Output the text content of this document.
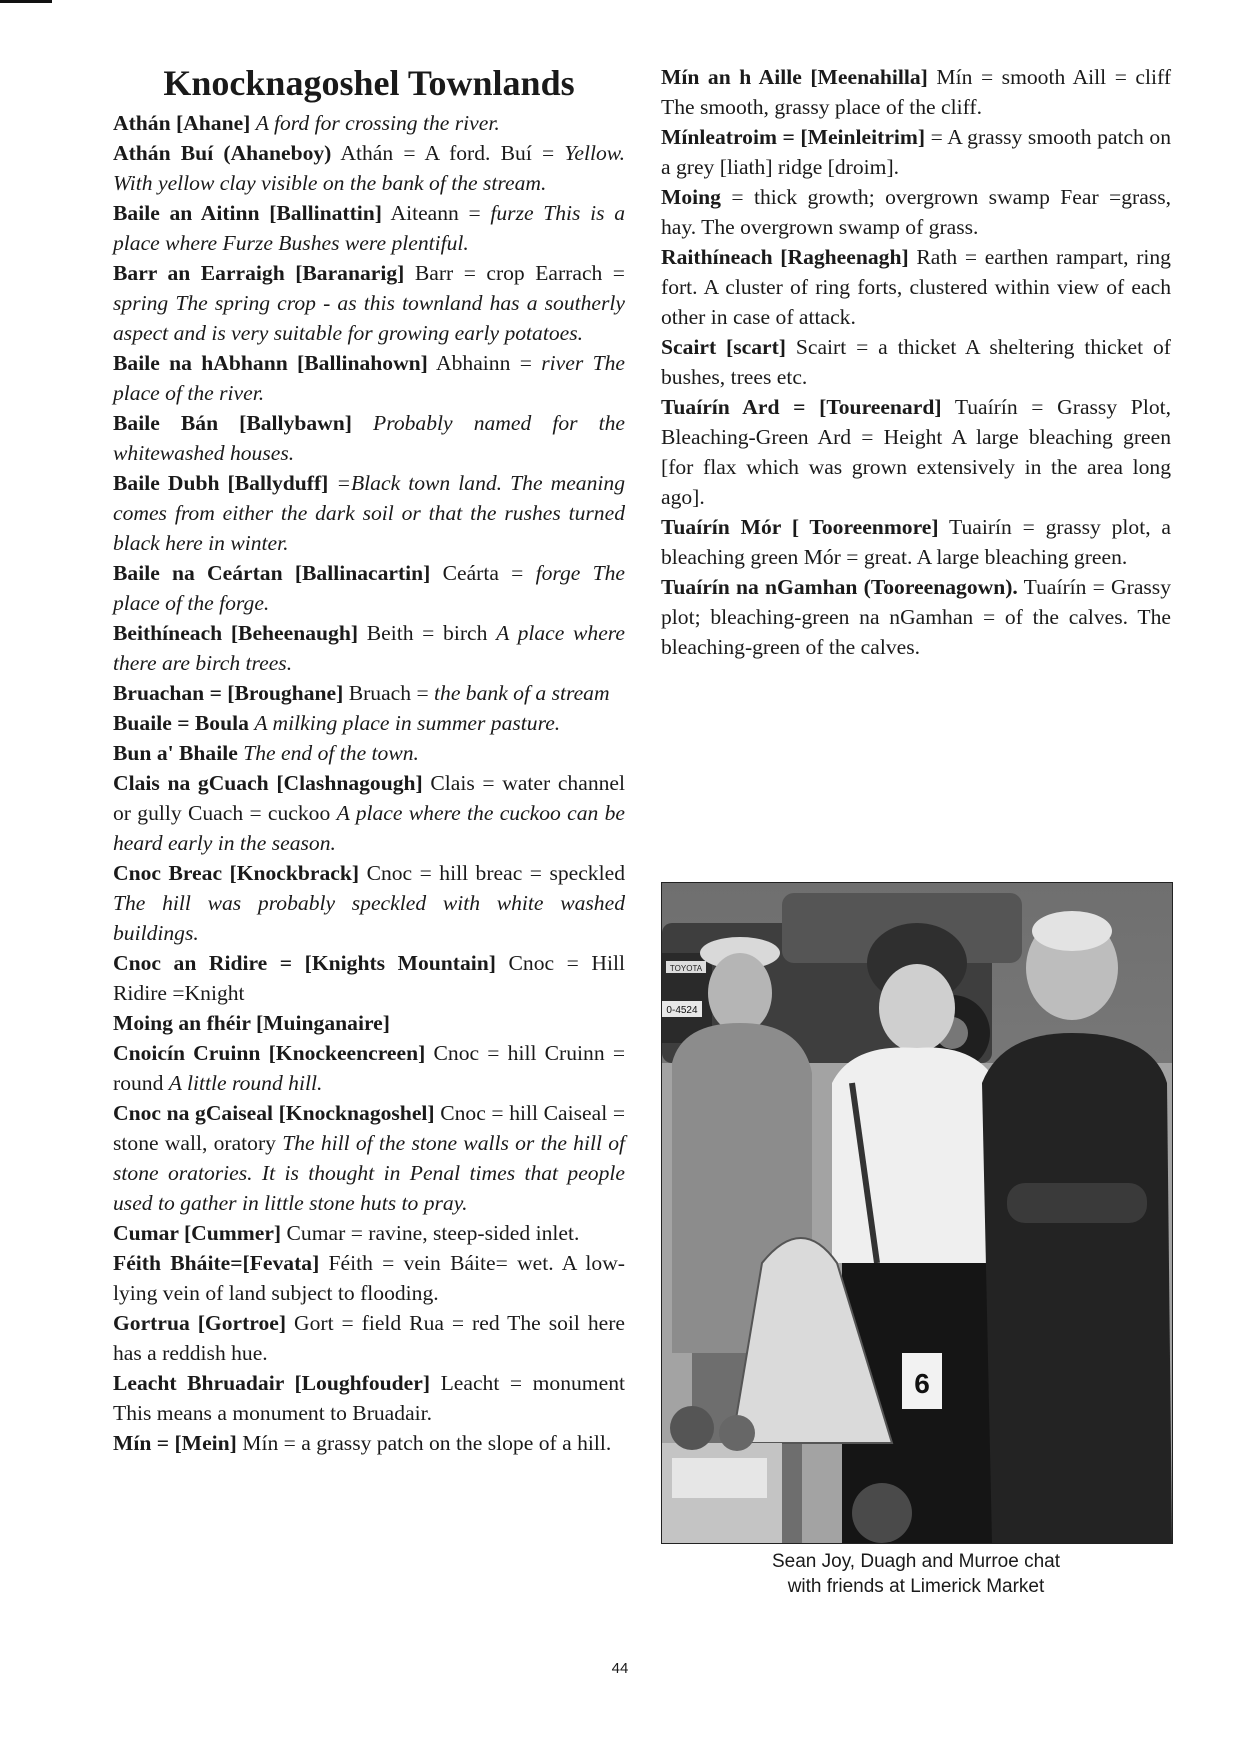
Knocknagoshel Townlands

Athán [Ahane] A ford for crossing the river.

Athán Buí (Ahaneboy) Athán = A ford. Buí = Yellow. With yellow clay visible on the bank of the stream.

Baile an Aitinn [Ballinattin] Aiteann = furze This is a place where Furze Bushes were plentiful.

Barr an Earraigh [Baranarig] Barr = crop Earrach = spring The spring crop - as this townland has a southerly aspect and is very suitable for growing early potatoes.

Baile na hAbhann [Ballinahown] Abhainn = river The place of the river.

Baile Bán [Ballybawn] Probably named for the whitewashed houses.

Baile Dubh [Ballyduff] =Black town land. The meaning comes from either the dark soil or that the rushes turned black here in winter.

Baile na Ceártan [Ballinacartin] Ceárta = forge The place of the forge.

Beithíneach [Beheenaugh] Beith = birch A place where there are birch trees.

Bruachan = [Broughane] Bruach = the bank of a stream

Buaile = Boula A milking place in summer pasture.

Bun a' Bhaile The end of the town.

Clais na gCuach [Clashnagough] Clais = water channel or gully Cuach = cuckoo A place where the cuckoo can be heard early in the season.

Cnoc Breac [Knockbrack] Cnoc = hill breac = speckled The hill was probably speckled with white washed buildings.

Cnoc an Ridire = [Knights Mountain] Cnoc = Hill Ridire =Knight

Moing an fhéir [Muinganaire]

Cnoicín Cruinn [Knockeencreen] Cnoc = hill Cruinn = round A little round hill.

Cnoc na gCaiseal [Knocknagoshel] Cnoc = hill Caiseal = stone wall, oratory The hill of the stone walls or the hill of stone oratories. It is thought in Penal times that people used to gather in little stone huts to pray.

Cumar [Cummer] Cumar = ravine, steep-sided inlet.

Féith Bháite=[Fevata] Féith = vein Báite= wet. A low-lying vein of land subject to flooding.

Gortrua [Gortroe] Gort = field Rua = red The soil here has a reddish hue.

Leacht Bhruadair [Loughfouder] Leacht = monument This means a monument to Bruadair.

Mín = [Mein] Mín = a grassy patch on the slope of a hill.

Mín an h Aille [Meenahilla] Mín = smooth Aill = cliff The smooth, grassy place of the cliff.

Mínleatroim = [Meinleitrim] = A grassy smooth patch on a grey [liath] ridge [droim].

Moing = thick growth; overgrown swamp Fear =grass, hay. The overgrown swamp of grass.

Raithíneach [Ragheenagh] Rath = earthen rampart, ring fort. A cluster of ring forts, clustered within view of each other in case of attack.

Scairt [scart] Scairt = a thicket A sheltering thicket of bushes, trees etc.

Tuaírín Ard = [Toureenard] Tuaírín = Grassy Plot, Bleaching-Green Ard = Height A large bleaching green [for flax which was grown extensively in the area long ago].

Tuaírín Mór [ Tooreenmore] Tuairín = grassy plot, a bleaching green Mór = great. A large bleaching green.

Tuaírín na nGamhan (Tooreenagown). Tuaírín = Grassy plot; bleaching-green na nGamhan = of the calves. The bleaching-green of the calves.

TOYOTA
0-4524
6
Sean Joy, Duagh and Murroe chat
with friends at Limerick Market
44
